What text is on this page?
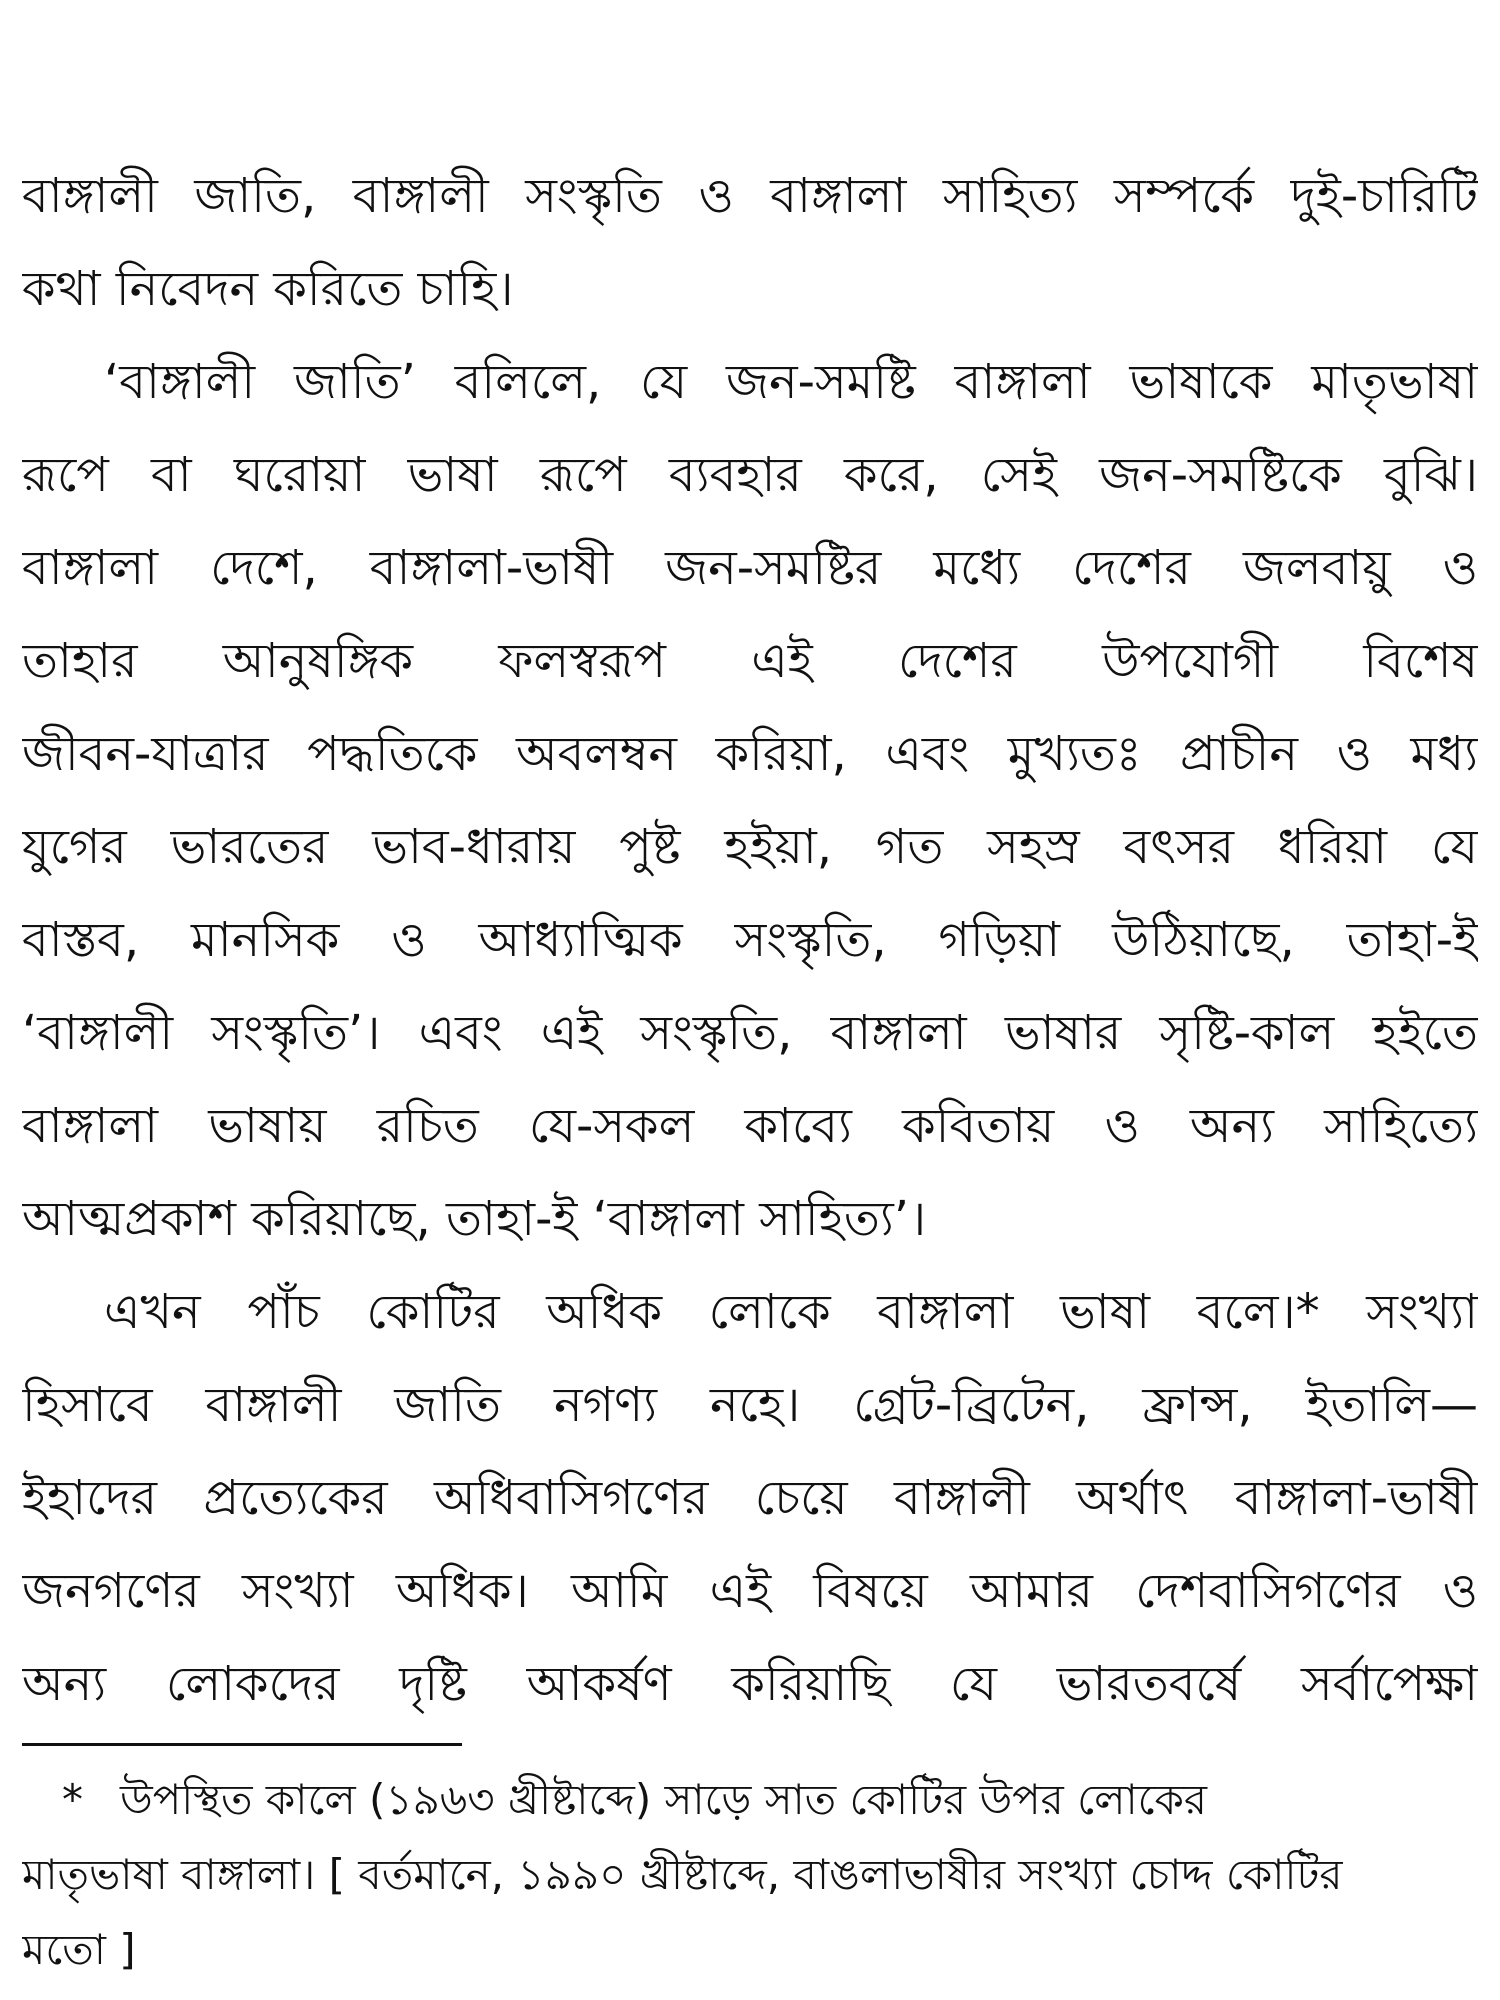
বাঙ্গালী জাতি, বাঙ্গালী সংস্কৃতি ও বাঙ্গালা সাহিত্য সম্পর্কে দুই-চারিটি
কথা নিবেদন করিতে চাহি।
‘বাঙ্গালী জাতি’ বলিলে, যে জন-সমষ্টি বাঙ্গালা ভাষাকে মাতৃভাষা
রূপে বা ঘরোয়া ভাষা রূপে ব্যবহার করে, সেই জন-সমষ্টিকে বুঝি।
বাঙ্গালা দেশে, বাঙ্গালা-ভাষী জন-সমষ্টির মধ্যে দেশের জলবায়ু ও
তাহার আনুষঙ্গিক ফলস্বরূপ এই দেশের উপযোগী বিশেষ
জীবন-যাত্রার পদ্ধতিকে অবলম্বন করিয়া, এবং মুখ্যতঃ প্রাচীন ও মধ্য
যুগের ভারতের ভাব-ধারায় পুষ্ট হইয়া, গত সহস্র বৎসর ধরিয়া যে
বাস্তব, মানসিক ও আধ্যাত্মিক সংস্কৃতি, গড়িয়া উঠিয়াছে, তাহা-ই
‘বাঙ্গালী সংস্কৃতি’। এবং এই সংস্কৃতি, বাঙ্গালা ভাষার সৃষ্টি-কাল হইতে
বাঙ্গালা ভাষায় রচিত যে-সকল কাব্যে কবিতায় ও অন্য সাহিত্যে
আত্মপ্রকাশ করিয়াছে, তাহা-ই ‘বাঙ্গালা সাহিত্য’।
এখন পাঁচ কোটির অধিক লোকে বাঙ্গালা ভাষা বলে।* সংখ্যা
হিসাবে বাঙ্গালী জাতি নগণ্য নহে। গ্রেট-ব্রিটেন, ফ্রান্স, ইতালি—
ইহাদের প্রত্যেকের অধিবাসিগণের চেয়ে বাঙ্গালী অর্থাৎ বাঙ্গালা-ভাষী
জনগণের সংখ্যা অধিক। আমি এই বিষয়ে আমার দেশবাসিগণের ও
অন্য লোকদের দৃষ্টি আকর্ষণ করিয়াছি যে ভারতবর্ষে সর্বাপেক্ষা
* উপস্থিত কালে (১৯৬৩ খ্রীষ্টাব্দে) সাড়ে সাত কোটির উপর লোকের
মাতৃভাষা বাঙ্গালা। [ বর্তমানে, ১৯৯০ খ্রীষ্টাব্দে, বাঙলাভাষীর সংখ্যা চোদ্দ কোটির
মতো ]
